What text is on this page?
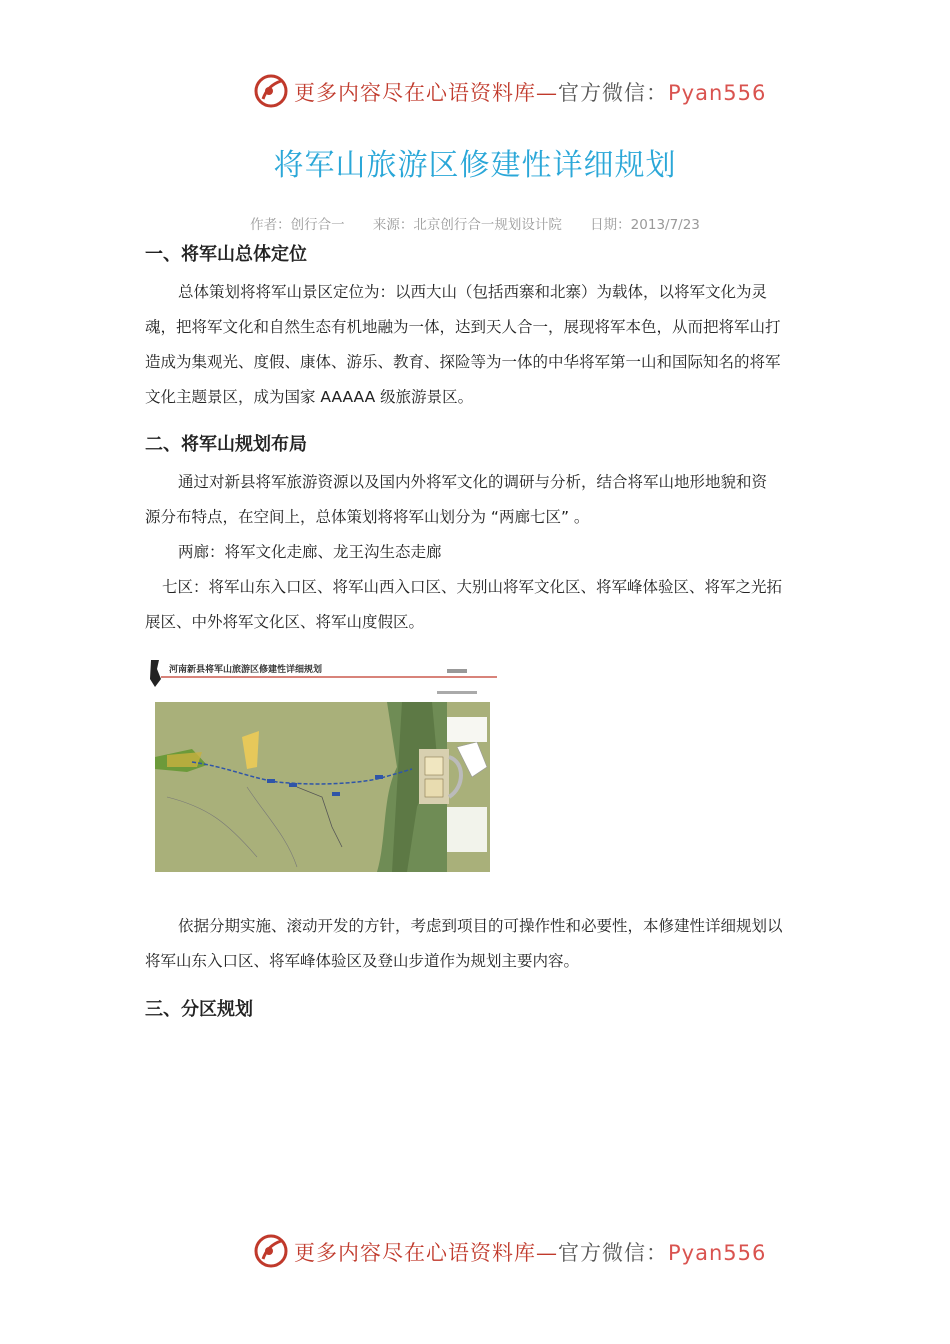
更多内容尽在心语资料库—官方微信：Pyan556
将军山旅游区修建性详细规划
作者：创行合一 来源：北京创行合一规划设计院 日期：2013/7/23
一、将军山总体定位
总体策划将将军山景区定位为：以西大山（包括西寨和北寨）为载体，以将军文化为灵
魂，把将军文化和自然生态有机地融为一体，达到天人合一，展现将军本色，从而把将军山打
造成为集观光、度假、康体、游乐、教育、探险等为一体的中华将军第一山和国际知名的将军
文化主题景区，成为国家 AAAAA 级旅游景区。
二、将军山规划布局
通过对新县将军旅游资源以及国内外将军文化的调研与分析，结合将军山地形地貌和资
源分布特点，在空间上，总体策划将将军山划分为 “两廊七区” 。
两廊：将军文化走廊、龙王沟生态走廊
七区：将军山东入口区、将军山西入口区、大别山将军文化区、将军峰体验区、将军之光拓
展区、中外将军文化区、将军山度假区。
河南新县将军山旅游区修建性详细规划
依据分期实施、滚动开发的方针，考虑到项目的可操作性和必要性，本修建性详细规划以
将军山东入口区、将军峰体验区及登山步道作为规划主要内容。
三、分区规划
更多内容尽在心语资料库—官方微信：Pyan556
